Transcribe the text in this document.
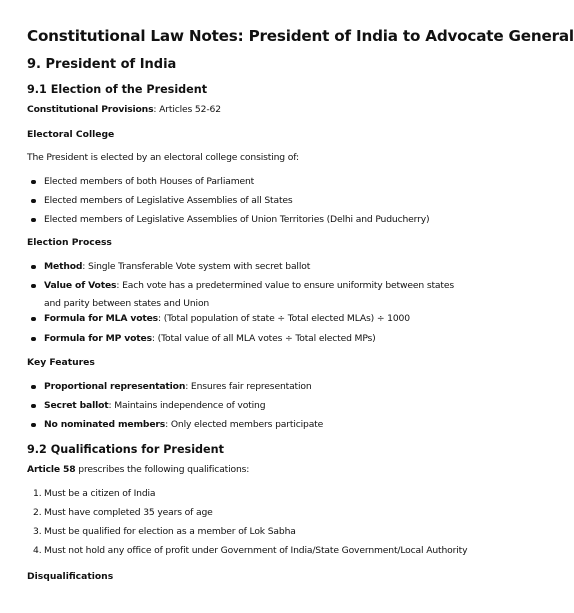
Constitutional Law Notes: President of India to Advocate General
9. President of India
9.1 Election of the President

Constitutional Provisions: Articles 52-62

Electoral College

The President is elected by an electoral college consisting of:

Elected members of both Houses of Parliament
Elected members of Legislative Assemblies of all States
Elected members of Legislative Assemblies of Union Territories (Delhi and Puducherry)
Election Process
Method: Single Transferable Vote system with secret ballot
Value of Votes: Each vote has a predetermined value to ensure uniformity between states and parity between states and Union
Formula for MLA votes: (Total population of state ÷ Total elected MLAs) ÷ 1000
Formula for MP votes: (Total value of all MLA votes ÷ Total elected MPs)
Key Features
Proportional representation: Ensures fair representation
Secret ballot: Maintains independence of voting
No nominated members: Only elected members participate
9.2 Qualifications for President

Article 58 prescribes the following qualifications:

1. Must be a citizen of India
2. Must have completed 35 years of age
3. Must be qualified for election as a member of Lok Sabha
4. Must not hold any office of profit under Government of India/State Government/Local Authority
Disqualifications
